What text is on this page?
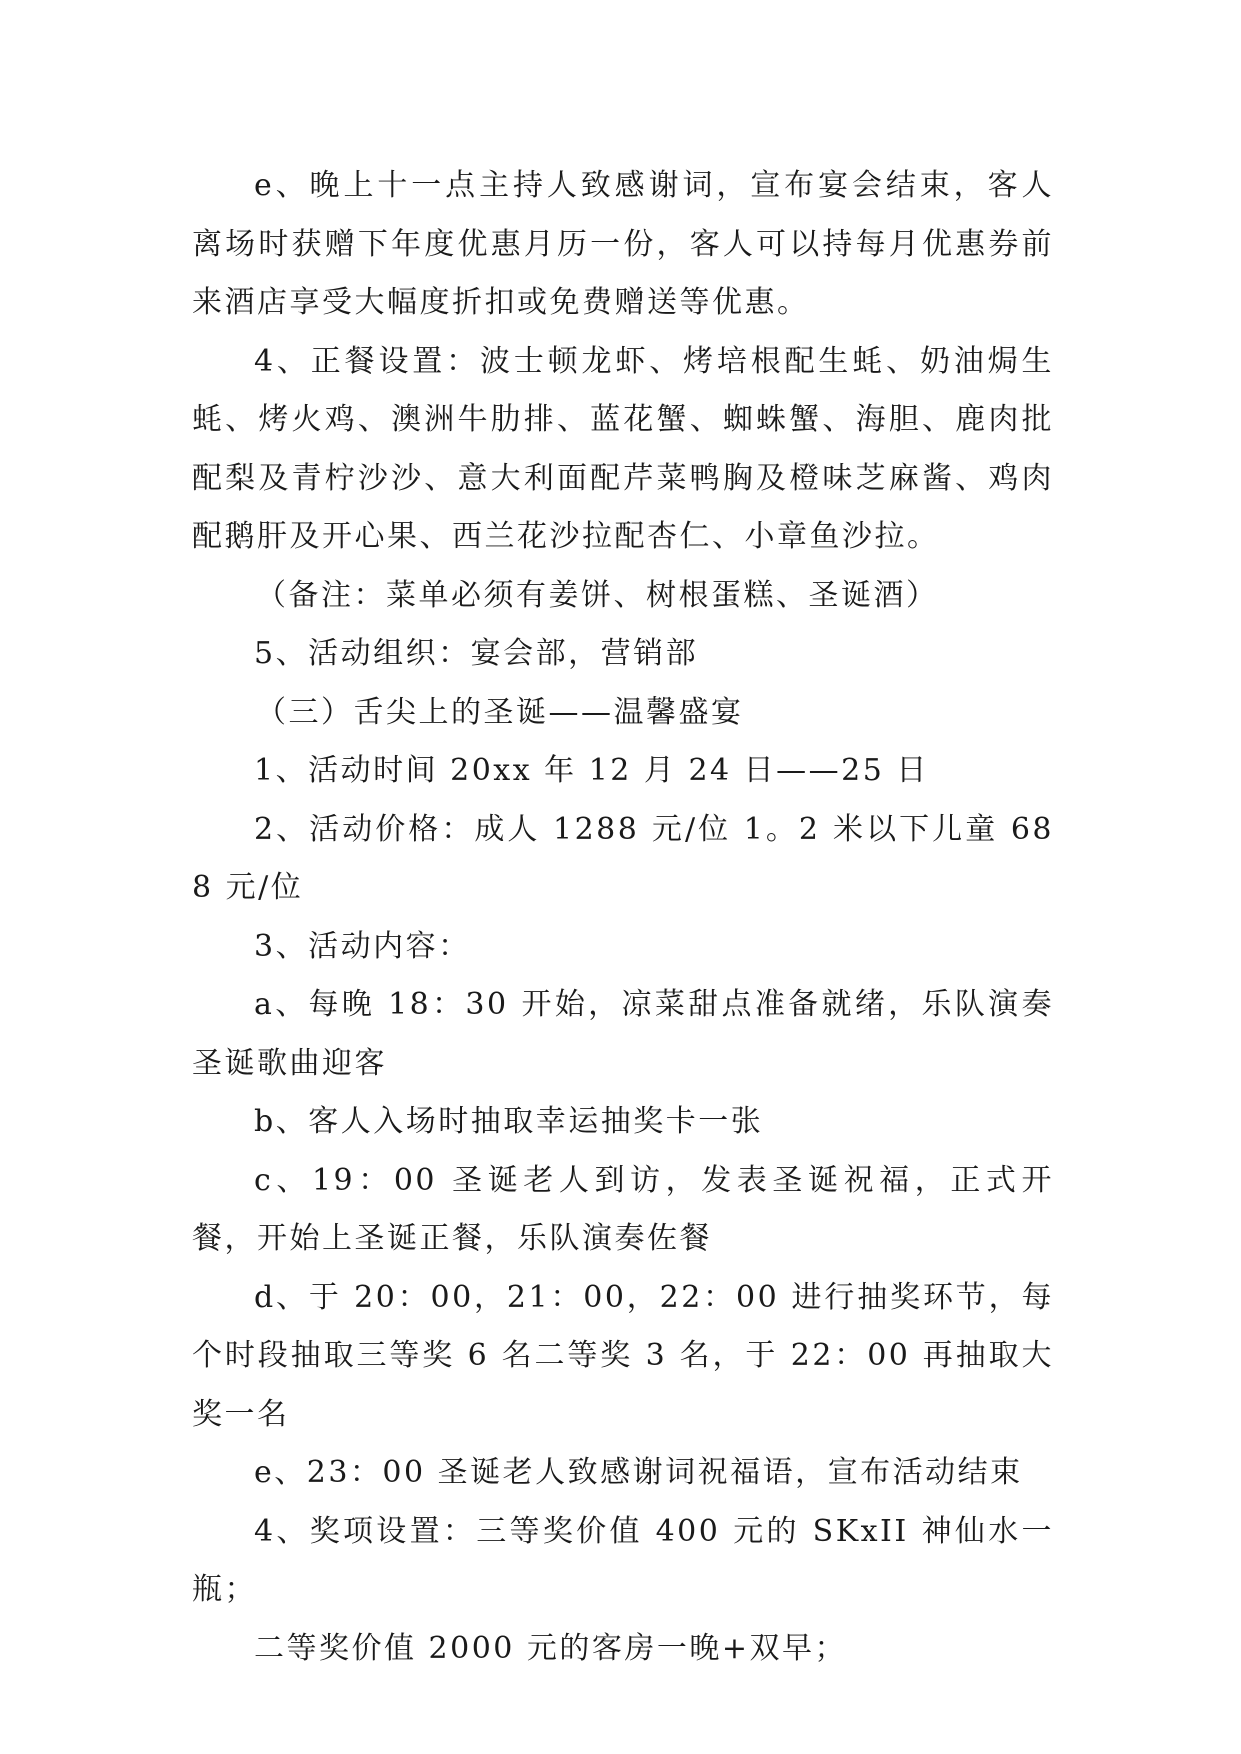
e、晚上十一点主持人致感谢词，宣布宴会结束，客人离场时获赠下年度优惠月历一份，客人可以持每月优惠券前来酒店享受大幅度折扣或免费赠送等优惠。

4、正餐设置：波士顿龙虾、烤培根配生蚝、奶油焗生蚝、烤火鸡、澳洲牛肋排、蓝花蟹、蜘蛛蟹、海胆、鹿肉批配梨及青柠沙沙、意大利面配芹菜鸭胸及橙味芝麻酱、鸡肉配鹅肝及开心果、西兰花沙拉配杏仁、小章鱼沙拉。

（备注：菜单必须有姜饼、树根蛋糕、圣诞酒）

5、活动组织：宴会部，营销部

（三）舌尖上的圣诞——温馨盛宴

1、活动时间 20xx 年 12 月 24 日——25 日

2、活动价格：成人 1288 元/位 1。2 米以下儿童 688 元/位

3、活动内容：

a、每晚 18：30 开始，凉菜甜点准备就绪，乐队演奏圣诞歌曲迎客

b、客人入场时抽取幸运抽奖卡一张

c、19：00 圣诞老人到访，发表圣诞祝福，正式开餐，开始上圣诞正餐，乐队演奏佐餐

d、于 20：00，21：00，22：00 进行抽奖环节，每个时段抽取三等奖 6 名二等奖 3 名，于 22：00 再抽取大奖一名

e、23：00 圣诞老人致感谢词祝福语，宣布活动结束

4、奖项设置：三等奖价值 400 元的 SKxII 神仙水一瓶；

二等奖价值 2000 元的客房一晚+双早；
